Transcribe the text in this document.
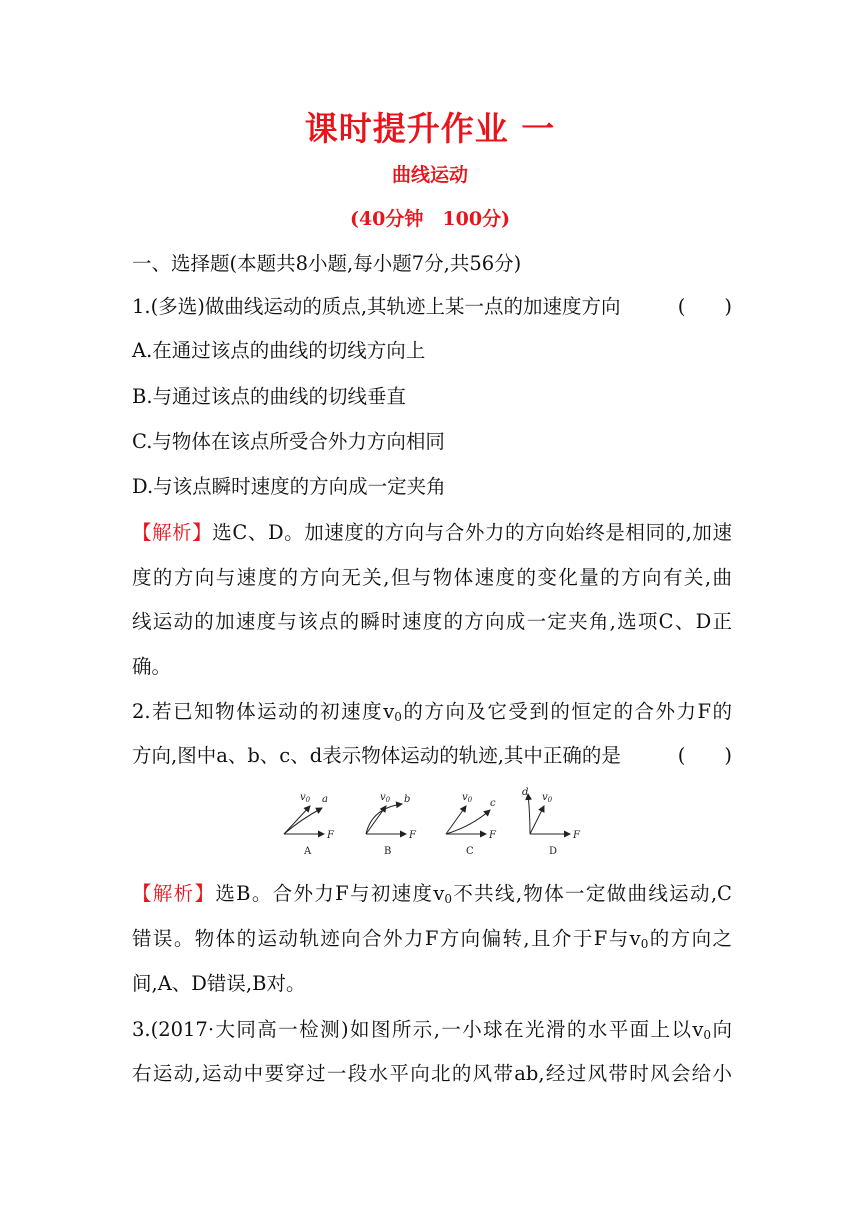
课时提升作业 一
曲线运动
(40分钟　100分)
一、选择题(本题共8小题,每小题7分,共56分)
1.(多选)做曲线运动的质点,其轨迹上某一点的加速度方向	(　　)
A.在通过该点的曲线的切线方向上
B.与通过该点的曲线的切线垂直
C.与物体在该点所受合外力方向相同
D.与该点瞬时速度的方向成一定夹角
【解析】选C、D。加速度的方向与合外力的方向始终是相同的,加速
度的方向与速度的方向无关,但与物体速度的变化量的方向有关,曲
线运动的加速度与该点的瞬时速度的方向成一定夹角,选项C、D正
确。
2.若已知物体运动的初速度$v_0$的方向及它受到的恒定的合外力F的
方向,图中a、b、c、d表示物体运动的轨迹,其中正确的是	(　　)
$v_0$ a
F
A
$v_0$ b
F
B
$v_0$ c
F
C
d $v_0$
F
D
【解析】选B。合外力F与初速度$v_0$不共线,物体一定做曲线运动,C
错误。物体的运动轨迹向合外力F方向偏转,且介于F与$v_0$的方向之
间,A、D错误,B对。
3.(2017·大同高一检测)如图所示,一小球在光滑的水平面上以$v_0$向
右运动,运动中要穿过一段水平向北的风带ab,经过风带时风会给小
